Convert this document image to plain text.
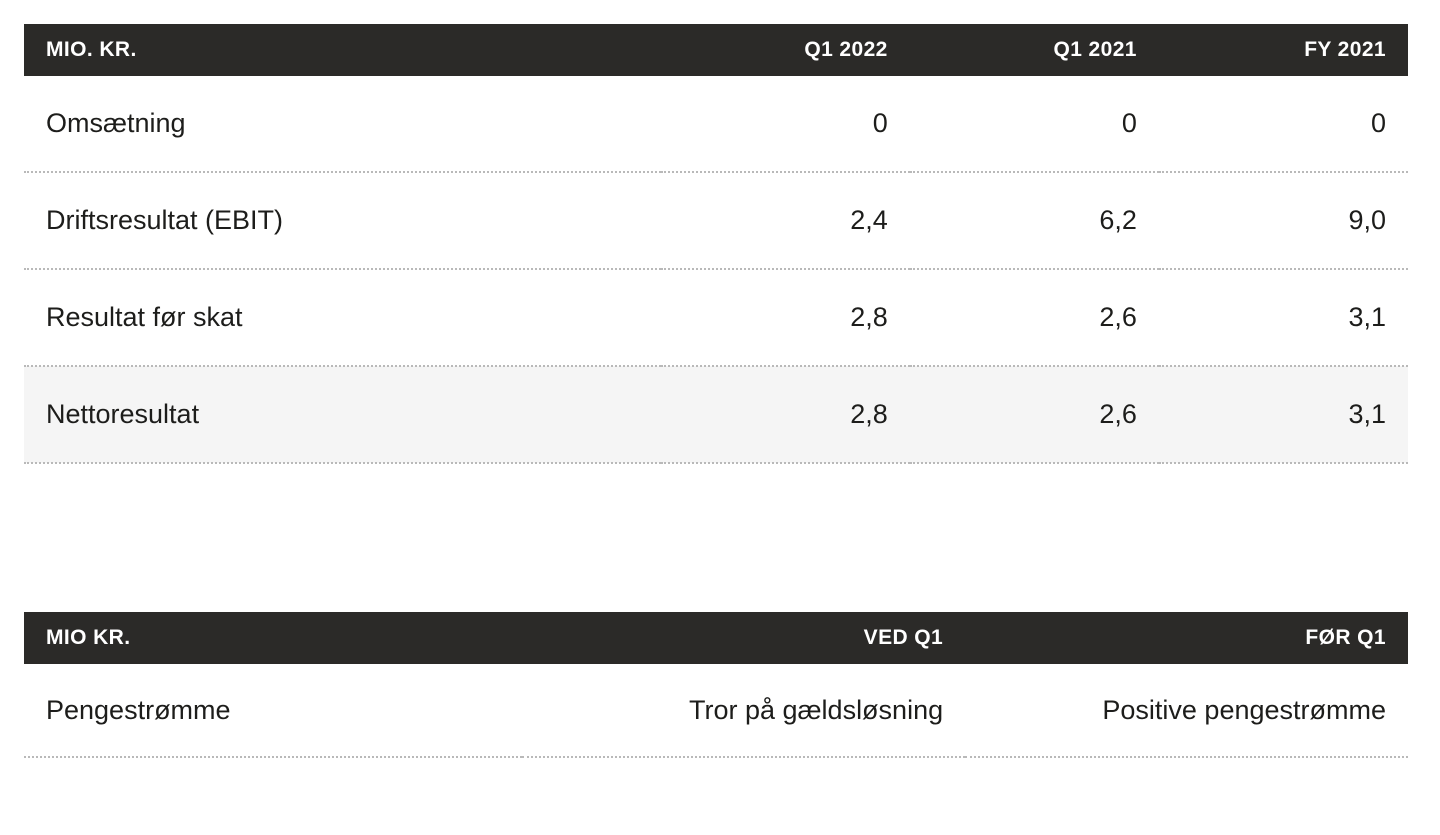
MIO. KR.	Q1 2022	Q1 2021	FY 2021
Omsætning	0	0	0
Driftsresultat (EBIT)	2,4	6,2	9,0
Resultat før skat	2,8	2,6	3,1
Nettoresultat	2,8	2,6	3,1
MIO KR.	VED Q1	FØR Q1
Pengestrømme	Tror på gældsløsning	Positive pengestrømme
